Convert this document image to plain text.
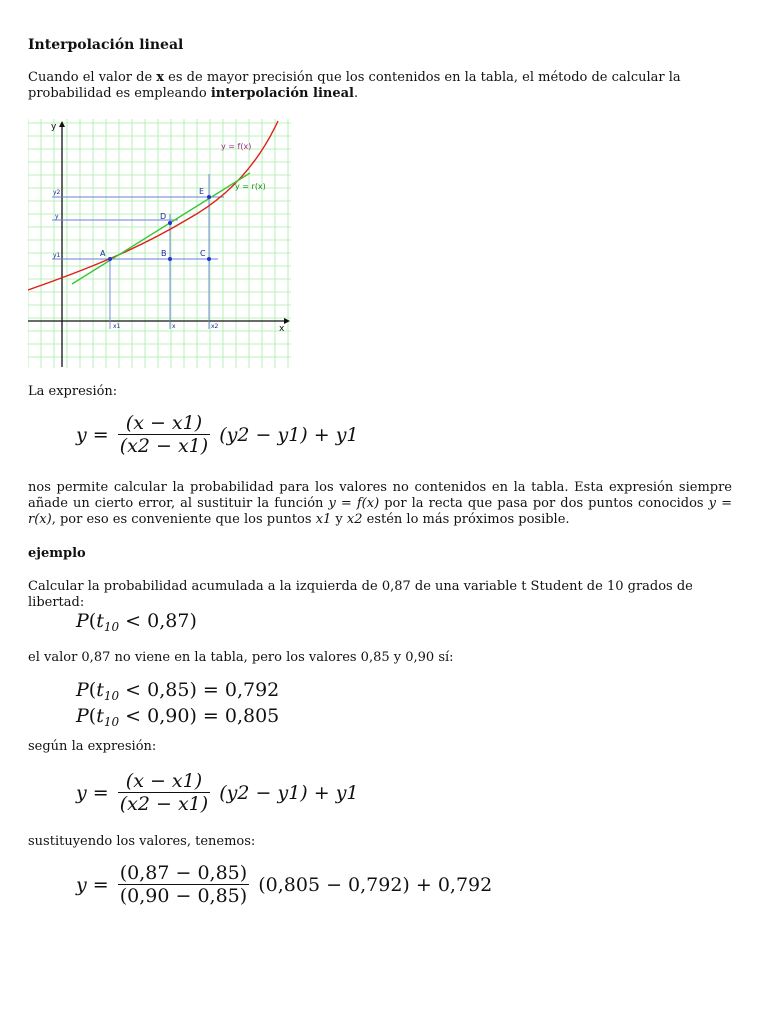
Interpolación lineal
Cuando el valor de x es de mayor precisión que los contenidos en la tabla, el método de calcular la probabilidad es empleando interpolación lineal.
A	B	C
D
E
x1	x	x2
y2
y
y1
x
y
y = f(x)
y = r(x)
La expresión:
$y = \frac{(x - x1)}{(x2 - x1)} (y2 - y1) + y1$
nos permite calcular la probabilidad para los valores no contenidos en la tabla. Esta expresión siempre añade un cierto error, al sustituir la función y = f(x) por la recta que pasa por dos puntos conocidos y = r(x), por eso es conveniente que los puntos x1 y x2 estén lo más próximos posible.
ejemplo
Calcular la probabilidad acumulada a la izquierda de 0,87 de una variable t Student de 10 grados de libertad:
$P(t_{10} < 0,87)$
el valor 0,87 no viene en la tabla, pero los valores 0,85 y 0,90 sí:
$P(t_{10} < 0,85) = 0,792$
$P(t_{10} < 0,90) = 0,805$
según la expresión:
$y = \frac{(x - x1)}{(x2 - x1)} (y2 - y1) + y1$
sustituyendo los valores, tenemos:
$y = \frac{(0,87 - 0,85)}{(0,90 - 0,85)} (0,805 - 0,792) + 0,792$
